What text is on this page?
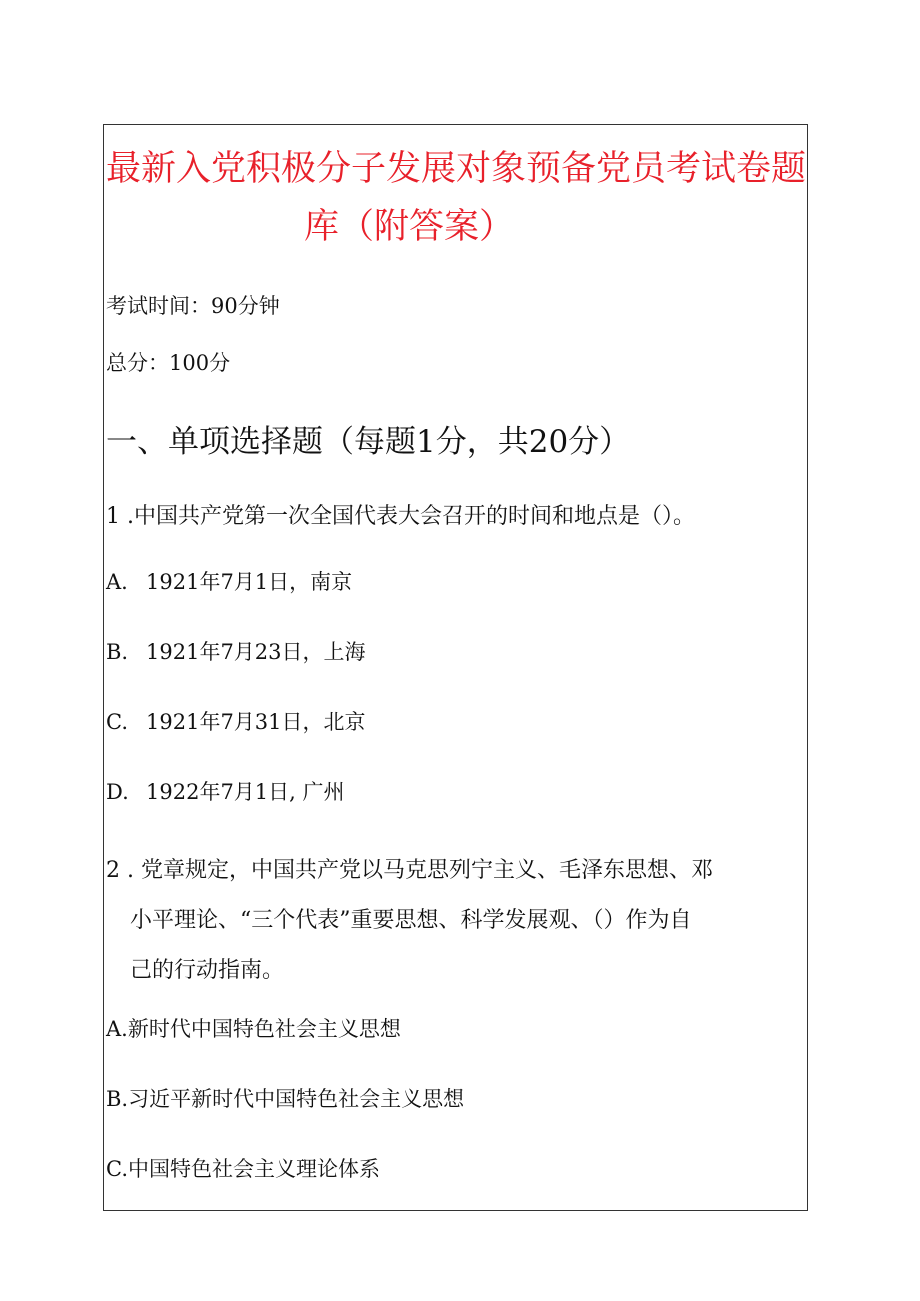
最新入党积极分子发展对象预备党员考试卷题
库（附答案）
考试时间：90分钟
总分：100分
一、单项选择题（每题1分，共20分）
1 .中国共产党第一次全国代表大会召开的时间和地点是（）。
A. 1921年7月1日，南京
B. 1921年7月23日，上海
C. 1921年7月31日，北京
D. 1922年7月1日, 广州
2 . 党章规定，中国共产党以马克思列宁主义、毛泽东思想、邓
小平理论、“三个代表”重要思想、科学发展观、（）作为自
己的行动指南。
A.新时代中国特色社会主义思想
B.习近平新时代中国特色社会主义思想
C.中国特色社会主义理论体系
